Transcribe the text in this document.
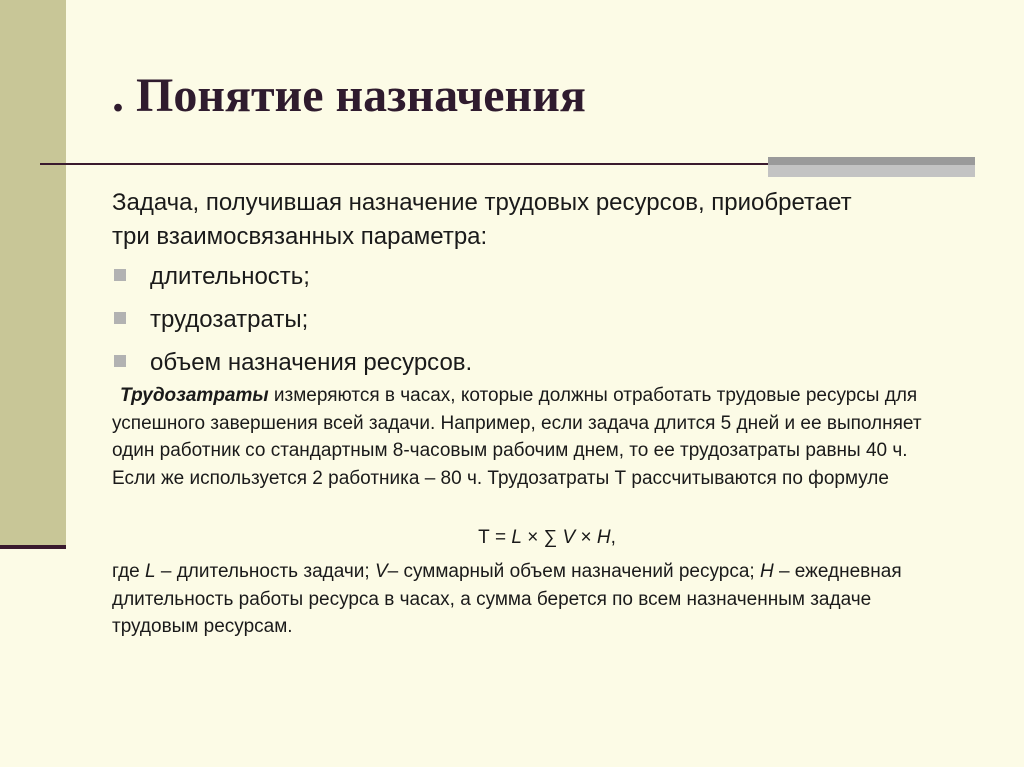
. Понятие назначения

Задача, получившая назначение трудовых ресурсов, приобретает три взаимосвязанных параметра:

длительность;
трудозатраты;
объем назначения ресурсов.

Трудозатраты измеряются в часах, которые должны отработать трудовые ресурсы для успешного завершения всей задачи. Например, если задача длится 5 дней и ее выполняет один работник со стандартным 8-часовым рабочим днем, то ее трудозатраты равны 40 ч. Если же используется 2 работника – 80 ч. Трудозатраты Т рассчитываются по формуле

Т = L × ∑ V × H,

где L – длительность задачи; V– суммарный объем назначений ресурса; H – ежедневная длительность работы ресурса в часах, а сумма берется по всем назначенным задаче трудовым ресурсам.
